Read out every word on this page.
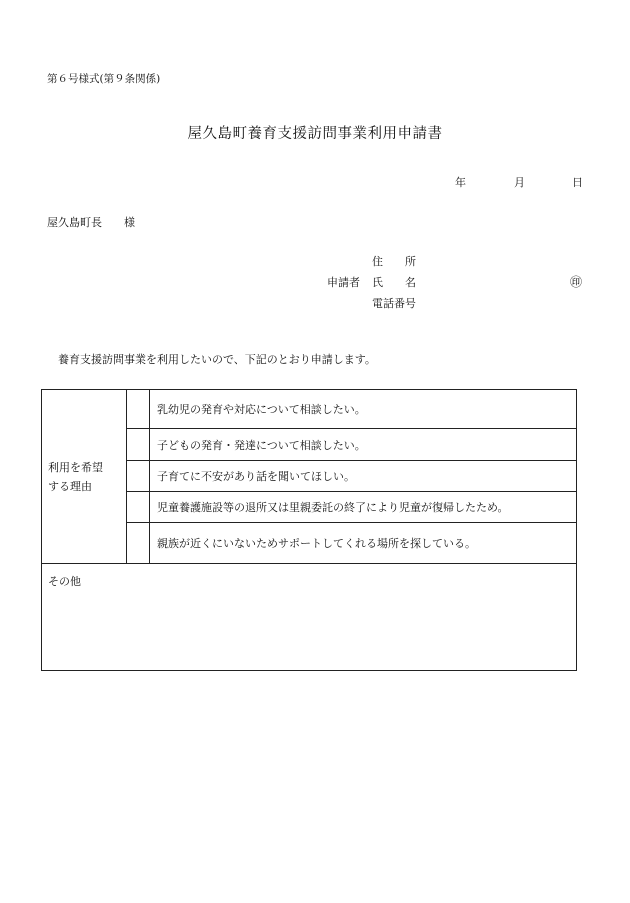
第６号様式(第９条関係)
屋久島町養育支援訪問事業利用申請書
年	月	日
屋久島町長　　様
住　　所
申請者 氏　　名	㊞
電話番号
養育支援訪問事業を利用したいので、下記のとおり申請します。
利用を希望
する理由		乳幼児の発育や対応について相談したい。
		子どもの発育・発達について相談したい。
		子育てに不安があり話を聞いてほしい。
		児童養護施設等の退所又は里親委託の終了により児童が復帰したため。
		親族が近くにいないためサポートしてくれる場所を探している。
その他		
